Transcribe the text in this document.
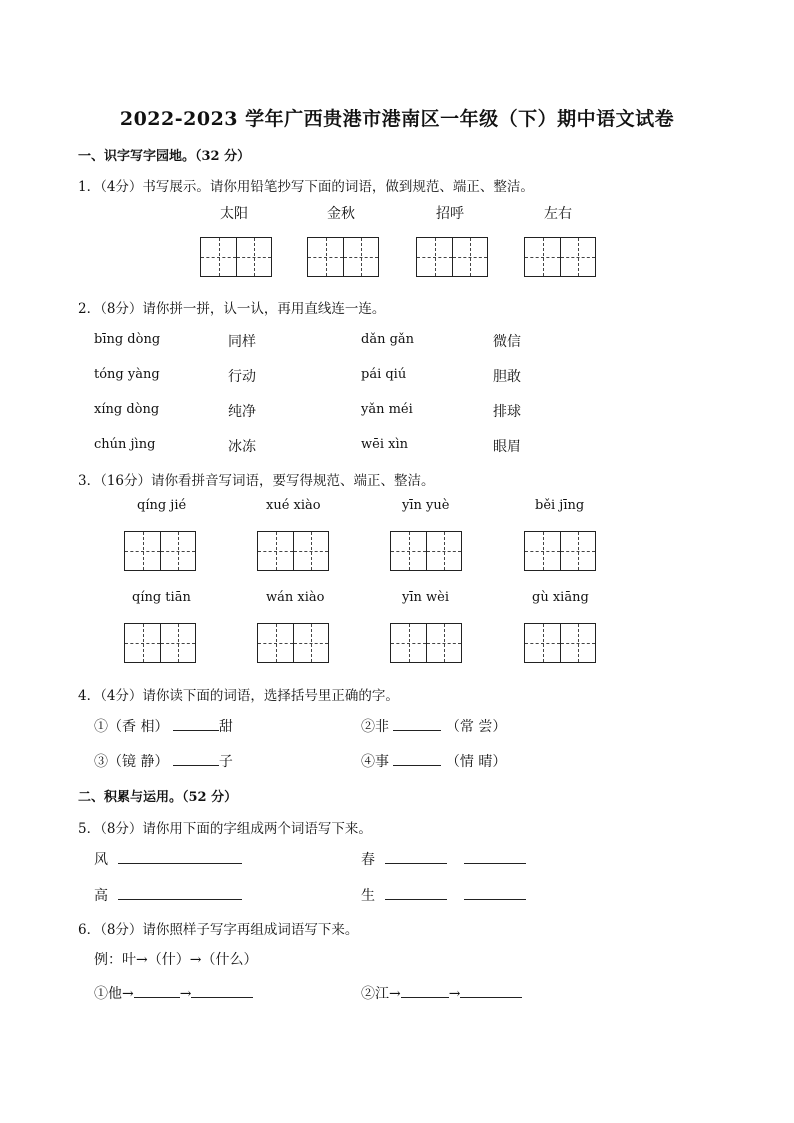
2022-2023 学年广西贵港市港南区一年级（下）期中语文试卷
一、识字写字园地。（32 分）
1．（4分）书写展示。请你用铅笔抄写下面的词语，做到规范、端正、整洁。
太阳	金秋	招呼	左右
2．（8分）请你拼一拼，认一认，再用直线连一连。
bīng dòng	同样	dǎn gǎn	微信
tóng yàng	行动	pái qiú	胆敢
xíng dòng	纯净	yǎn méi	排球
chún jìng	冰冻	wēi xìn	眼眉
3．（16分）请你看拼音写词语，要写得规范、端正、整洁。
qíng jié	xué xiào	yīn yuè	běi jīng
qíng tiān	wán xiào	yīn wèi	gù xiāng
4．（4分）请你读下面的词语，选择括号里正确的字。
①（香 相）	甜	②非	（常 尝）
③（镜 静）	子	④事	（情 晴）
二、积累与运用。（52 分）
5．（8分）请你用下面的字组成两个词语写下来。
风	春
高	生
6．（8分）请你照样子写字再组成词语写下来。
例：叶→（什）→（什么）
①他→	→	②江→	→
